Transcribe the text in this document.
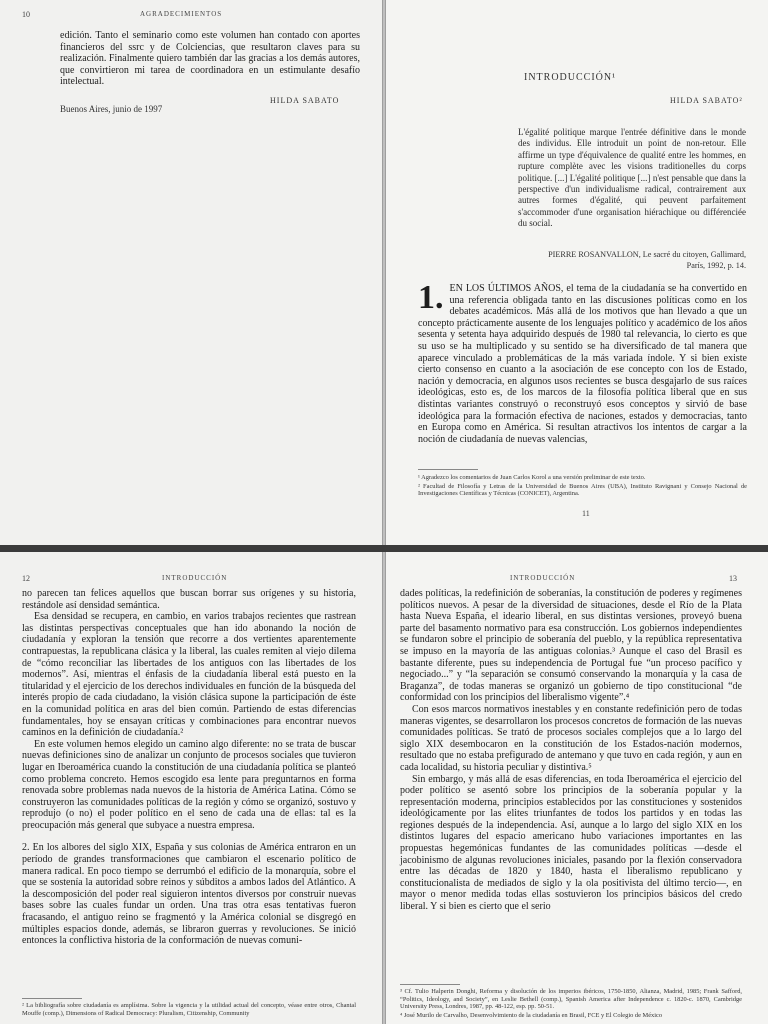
10	AGRADECIMIENTOS

edición. Tanto el seminario como este volumen han contado con aportes financieros del ssrc y de Colciencias, que resultaron claves para su realización. Finalmente quiero también dar las gracias a los demás autores, que convirtieron mi tarea de coordinadora en un estimulante desafío intelectual.

HILDA SABATO
Buenos Aires, junio de 1997
INTRODUCCIÓN¹
HILDA SABATO²

L'égalité politique marque l'entrée définitive dans le monde des individus. Elle introduit un point de non-retour. Elle affirme un type d'équivalence de qualité entre les hommes, en rupture complète avec les visions traditionelles du corps politique. [...] L'égalité politique [...] n'est pensable que dans la perspective d'un individualisme radical, contrairement aux autres formes d'égalité, qui peuvent parfaitement s'accommoder d'une organisation hiérachique ou différenciée du social.

PIERRE ROSANVALLON, Le sacré du citoyen, Gallimard, París, 1992, p. 14.

1. EN LOS ÚLTIMOS AÑOS, el tema de la ciudadanía se ha convertido en una referencia obligada tanto en las discusiones políticas como en los debates académicos. Más allá de los motivos que han llevado a que un concepto prácticamente ausente de los lenguajes político y académico de los años sesenta y setenta haya adquirido después de 1980 tal relevancia, lo cierto es que su uso se ha multiplicado y su sentido se ha diversificado de tal manera que aparece vinculado a problemáticas de la más variada índole. Y si bien existe cierto consenso en cuanto a la asociación de ese concepto con los de Estado, nación y democracia, en algunos usos recientes se busca desgajarlo de sus raíces ideológicas, esto es, de los marcos de la filosofía política liberal que en sus distintas variantes construyó o reconstruyó esos conceptos y sirvió de base ideológica para la formación efectiva de naciones, estados y democracias, tanto en Europa como en América. Si resultan atractivos los intentos de cargar a la noción de ciudadanía de nuevas valencias,

¹ Agradezco los comentarios de Juan Carlos Korol a una versión preliminar de este texto.

² Facultad de Filosofía y Letras de la Universidad de Buenos Aires (UBA), Instituto Ravignani y Consejo Nacional de Investigaciones Científicas y Técnicas (CONICET), Argentina.

11
12	INTRODUCCIÓN

no parecen tan felices aquellos que buscan borrar sus orígenes y su historia, restándole así densidad semántica.

Esa densidad se recupera, en cambio, en varios trabajos recientes que rastrean las distintas perspectivas conceptuales que han ido abonando la noción de ciudadanía y exploran la tensión que recorre a dos vertientes aparentemente contrapuestas, la republicana clásica y la liberal, las cuales remiten al viejo dilema de “cómo reconciliar las libertades de los antiguos con las libertades de los modernos”. Así, mientras el énfasis de la ciudadanía liberal está puesto en la titularidad y el ejercicio de los derechos individuales en función de la búsqueda del interés propio de cada ciudadano, la visión clásica supone la participación de éste en la comunidad política en aras del bien común. Partiendo de estas diferencias fundamentales, hoy se ensayan críticas y combinaciones para encontrar nuevos caminos en la definición de ciudadanía.²

En este volumen hemos elegido un camino algo diferente: no se trata de buscar nuevas definiciones sino de analizar un conjunto de procesos sociales que tuvieron lugar en Iberoamérica cuando la constitución de una ciudadanía política se planteó como problema concreto. Hemos escogido esa lente para preguntarnos en forma renovada sobre problemas nada nuevos de la historia de América Latina. Cómo se construyeron las comunidades políticas de la región y cómo se organizó, sostuvo y reprodujo (o no) el poder político en el seno de cada una de ellas: tal es la preocupación más general que subyace a nuestra empresa.

2. En los albores del siglo XIX, España y sus colonias de América entraron en un período de grandes transformaciones que cambiaron el escenario político de manera radical. En poco tiempo se derrumbó el edificio de la monarquía, sobre el que se sostenía la autoridad sobre reinos y súbditos a ambos lados del Atlántico. A la descomposición del poder real siguieron intentos diversos por construir nuevas bases sobre las cuales fundar un orden. Una tras otra esas tentativas fueron fracasando, el antiguo reino se fragmentó y la América colonial se disgregó en múltiples espacios donde, además, se libraron guerras y revoluciones. Se inició entonces la conflictiva historia de la conformación de nuevas comuni-

² La bibliografía sobre ciudadanía es amplísima. Sobre la vigencia y la utilidad actual del concepto, véase entre otros, Chantal Mouffe (comp.), Dimensions of Radical Democracy: Pluralism, Citizenship, Community
INTRODUCCIÓN	13

dades políticas, la redefinición de soberanías, la constitución de poderes y regímenes políticos nuevos. A pesar de la diversidad de situaciones, desde el Río de la Plata hasta Nueva España, el ideario liberal, en sus distintas versiones, proveyó buena parte del basamento normativo para esa construcción. Los gobiernos independientes se fundaron sobre el principio de soberanía del pueblo, y la república representativa se impuso en la mayoría de las antiguas colonias.³ Aunque el caso del Brasil es bastante diferente, pues su independencia de Portugal fue “un proceso pacífico y negociado...” y “la separación se consumó conservando la monarquía y la casa de Braganza”, de todas maneras se organizó un gobierno de tipo constitucional “de conformidad con los principios del liberalismo vigente”.⁴

Con esos marcos normativos inestables y en constante redefinición pero de todas maneras vigentes, se desarrollaron los procesos concretos de formación de las nuevas comunidades políticas. Se trató de procesos sociales complejos que a lo largo del siglo XIX desembocaron en la constitución de los Estados-nación modernos, resultado que no estaba prefigurado de antemano y que tuvo en cada región, y aun en cada localidad, su historia peculiar y distintiva.⁵

Sin embargo, y más allá de esas diferencias, en toda Iberoamérica el ejercicio del poder político se asentó sobre los principios de la soberanía popular y la representación moderna, principios establecidos por las constituciones y sostenidos ideológicamente por las elites triunfantes de todos los partidos y en todas las regiones después de la independencia. Así, aunque a lo largo del siglo XIX en los distintos lugares del espacio americano hubo variaciones importantes en las propuestas hegemónicas fundantes de las comunidades políticas —desde el jacobinismo de algunas revoluciones iniciales, pasando por la flexión conservadora entre las décadas de 1820 y 1840, hasta el liberalismo republicano y constitucionalista de mediados de siglo y la ola positivista del último tercio—, en mayor o menor medida todas ellas sostuvieron los principios básicos del credo liberal. Y si bien es cierto que el serio

³ Cf. Tulio Halperin Donghi, Reforma y disolución de los imperios ibéricos, 1750-1850, Alianza, Madrid, 1985; Frank Safford, “Politics, Ideology, and Society”, en Leslie Bethell (comp.), Spanish America after Independence c. 1820-c. 1870, Cambridge University Press, Londres, 1987, pp. 48-122, esp. pp. 50-51.

⁴ José Murilo de Carvalho, Desenvolvimiento de la ciudadanía en Brasil, FCE y El Colegio de México
